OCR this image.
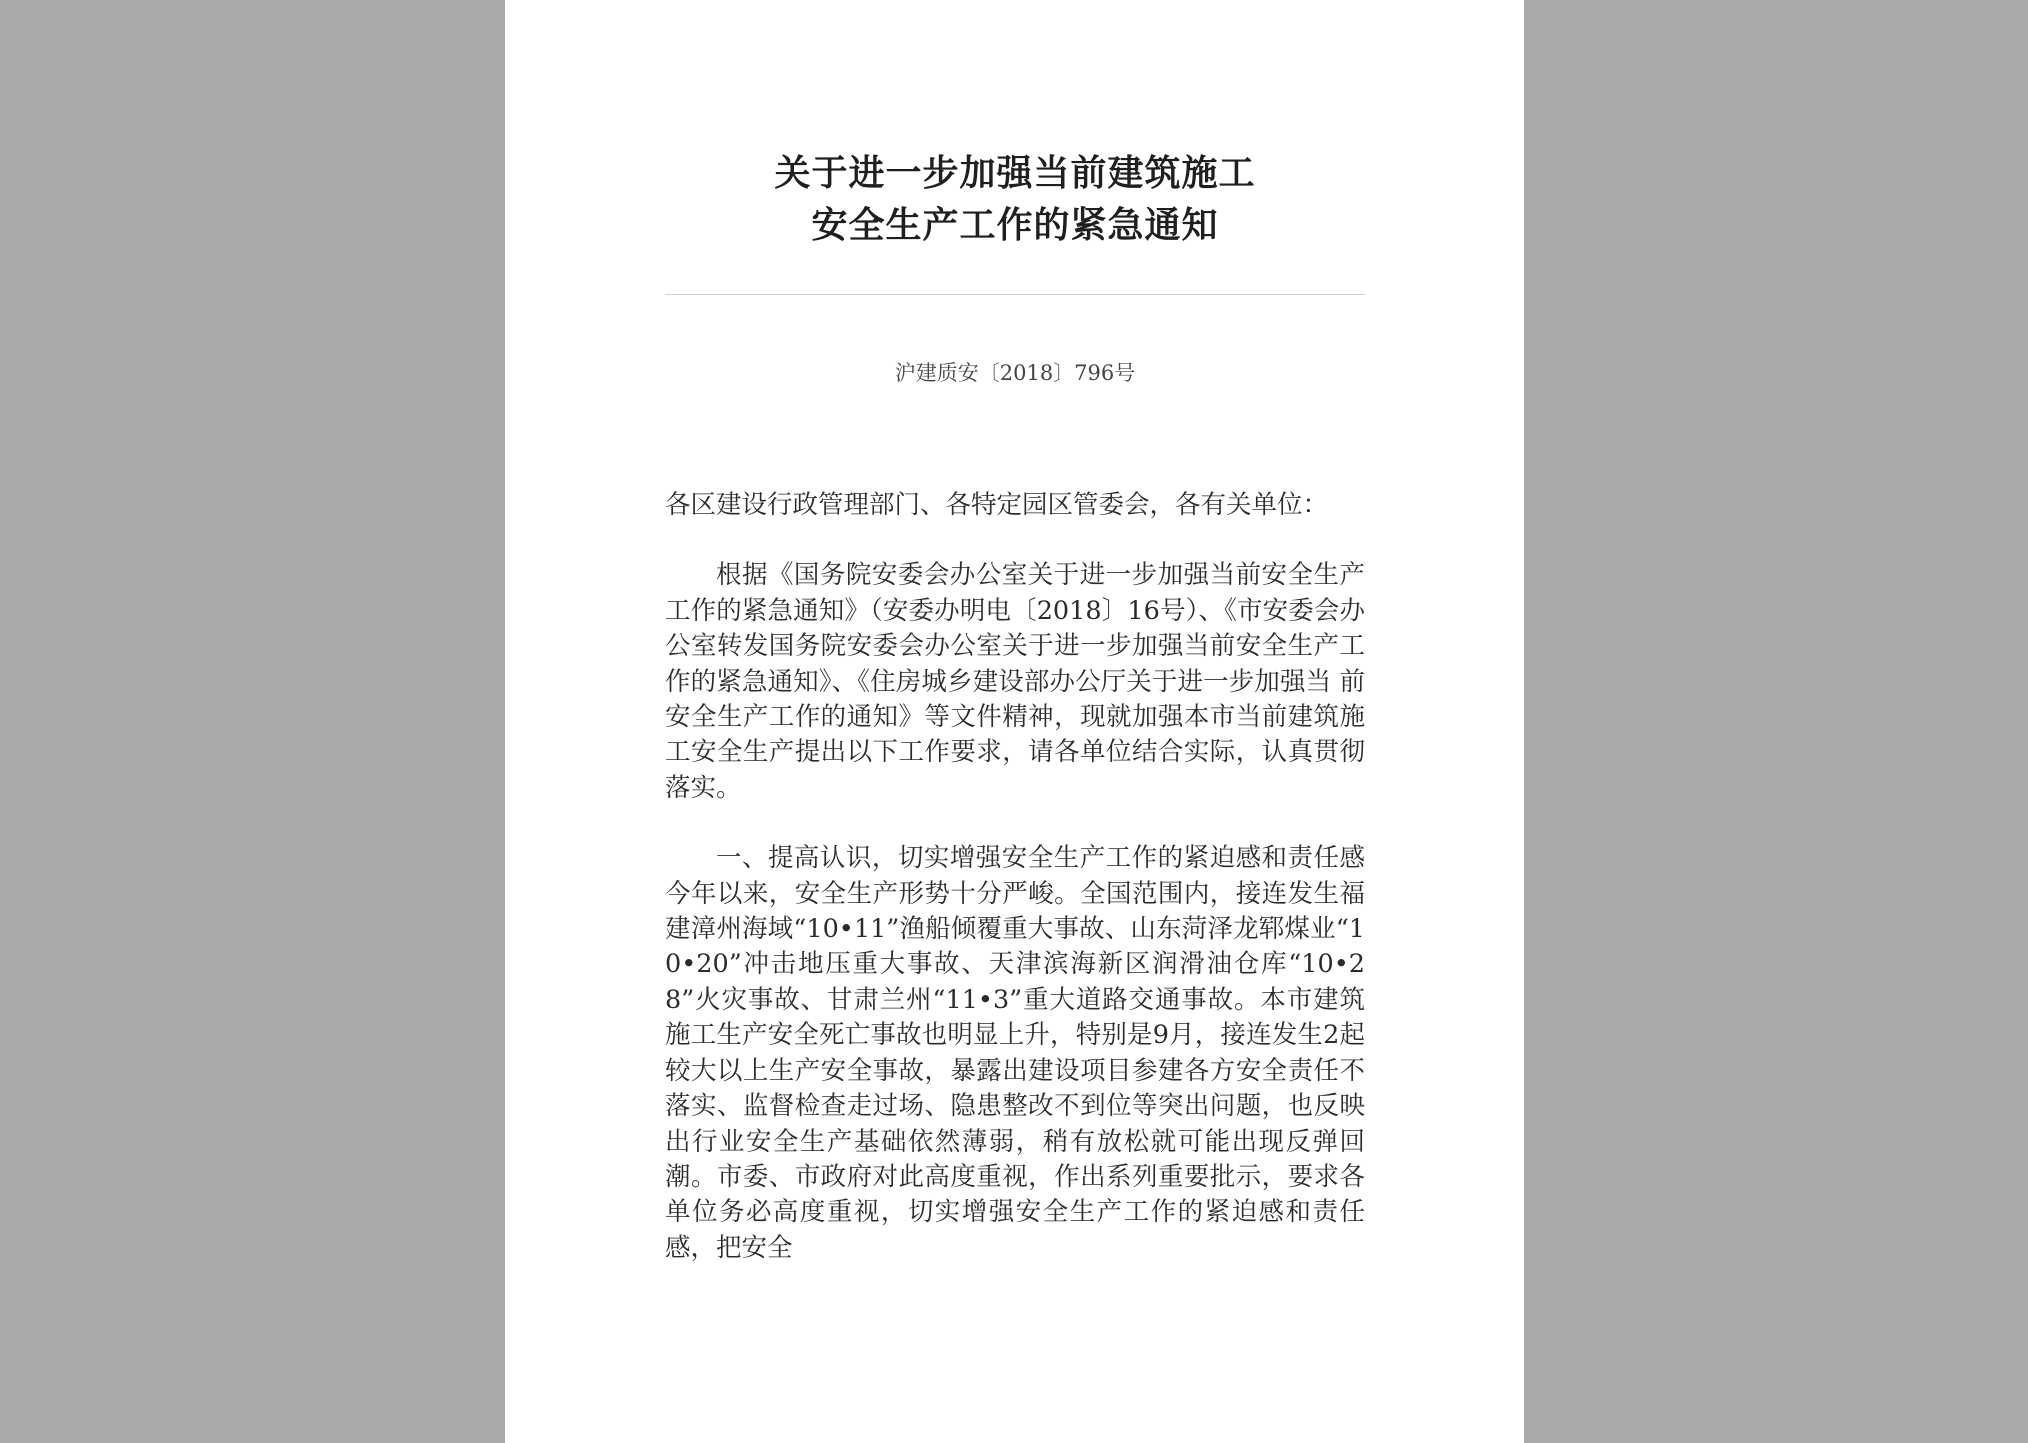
关于进一步加强当前建筑施工
安全生产工作的紧急通知
沪建质安〔2018〕796号

各区建设行政管理部门、各特定园区管委会，各有关单位：

根据《国务院安委会办公室关于进一步加强当前安全生产工作的紧急通知》（安委办明电〔2018〕16号）、《市安委会办 公室转发国务院安委会办公室关于进一步加强当前安全生产工作的紧急通知》、《住房城乡建设部办公厅关于进一步加强当 前安全生产工作的通知》等文件精神，现就加强本市当前建筑施工安全生产提出以下工作要求，请各单位结合实际，认真贯彻落实。

一、提高认识，切实增强安全生产工作的紧迫感和责任感今年以来，安全生产形势十分严峻。全国范围内，接连发生福建漳州海域“10•11”渔船倾覆重大事故、山东菏泽龙郓煤业“10•20”冲击地压重大事故、天津滨海新区润滑油仓库“10•28”火灾事故、甘肃兰州“11•3”重大道路交通事故。本市建筑施工生产安全死亡事故也明显上升，特别是9月，接连发生2起较大以上生产安全事故，暴露出建设项目参建各方安全责任不落实、监督检查走过场、隐患整改不到位等突出问题，也反映出行业安全生产基础依然薄弱，稍有放松就可能出现反弹回潮。市委、市政府对此高度重视，作出系列重要批示，要求各单位务必高度重视，切实增强安全生产工作的紧迫感和责任感，把安全
